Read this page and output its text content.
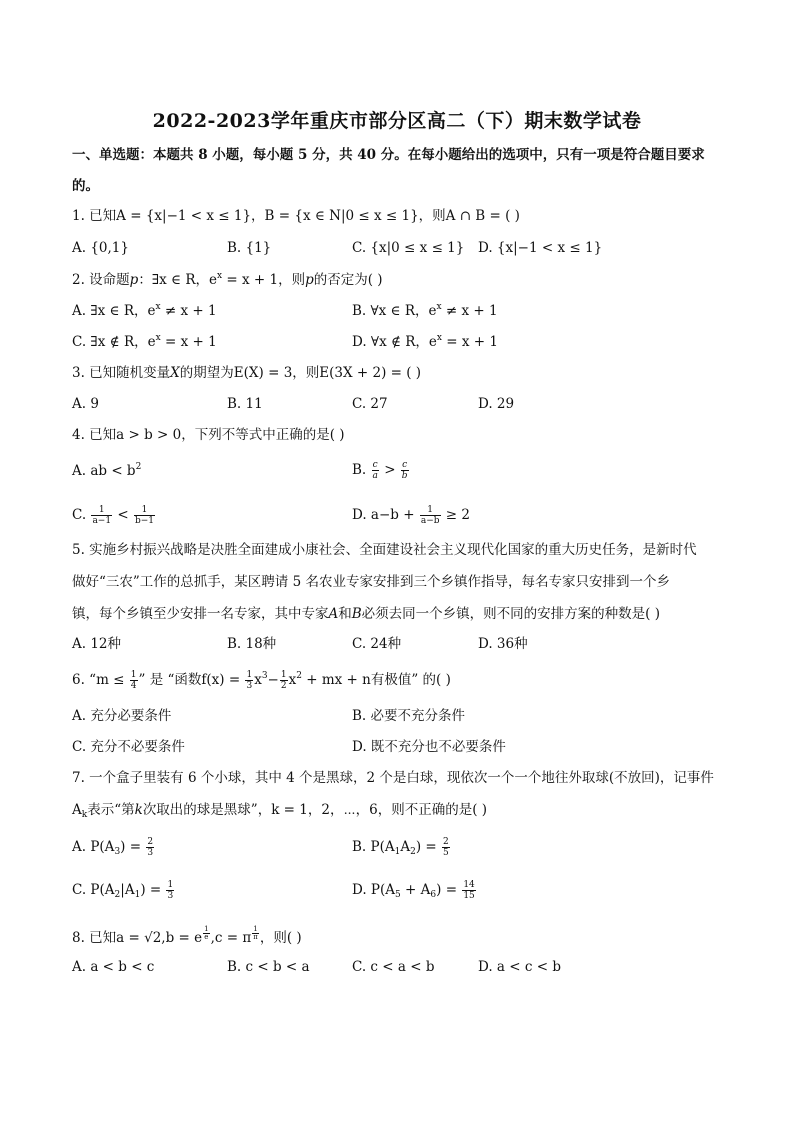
2022-2023学年重庆市部分区高二（下）期末数学试卷
一、单选题：本题共 8 小题，每小题 5 分，共 40 分。在每小题给出的选项中，只有一项是符合题目要求
的。
1. 已知A = {x|−1 < x ≤ 1}，B = {x ∈ N|0 ≤ x ≤ 1}，则A ∩ B = ( )
A. {0,1}	B. {1}	C. {x|0 ≤ x ≤ 1} D. {x|−1 < x ≤ 1}
2. 设命题p：∃x ∈ R，$e^x = x + 1$，则p的否定为( )
A. ∃x ∈ R，$e^x \ne x + 1$	B. ∀x ∈ R，$e^x \ne x + 1$
C. ∃x ∉ R，$e^x = x + 1$	D. ∀x ∉ R，$e^x = x + 1$
3. 已知随机变量X的期望为E(X) = 3，则E(3X + 2) = ( )
A. 9	B. 11	C. 27	D. 29
4. 已知a > b > 0，下列不等式中正确的是( )
A. ab < $b^2$	B. $\frac{c}{a} > \frac{c}{b}$
C. $\frac{1}{a-1} < \frac{1}{b-1}$	D. $a-b + \frac{1}{a-b} \ge 2$
5. 实施乡村振兴战略是决胜全面建成小康社会、全面建设社会主义现代化国家的重大历史任务，是新时代
做好“三农”工作的总抓手，某区聘请 5 名农业专家安排到三个乡镇作指导，每名专家只安排到一个乡
镇，每个乡镇至少安排一名专家，其中专家A和B必须去同一个乡镇，则不同的安排方案的种数是( )
A. 12种	B. 18种	C. 24种	D. 36种
6. “$m \le \frac{1}{4}$ ” 是 “函数$f(x) = \frac{1}{3} x^3- \frac{1}{2} x^2$ + mx + n有极值” 的( )
A. 充分必要条件	B. 必要不充分条件
C. 充分不必要条件	D. 既不充分也不必要条件
7. 一个盒子里装有 6 个小球，其中 4 个是黑球，2 个是白球，现依次一个一个地往外取球(不放回)，记事件
$A_k$表示“第k次取出的球是黑球”，k = 1，2，⋯，6，则不正确的是( )
A. $P(A_3) = \frac{2}{3}$	B. $P(A_1A_2) = \frac{2}{5}$
C. $P(A_2|A_1) = \frac{1}{3}$	D. $P(A_5 + A_6) = \frac{14}{15}$
8. 已知a = √2,b = e $^{\frac{1}{e}}$ ,c = π $^{\frac{1}{\pi}}$ ，则( )
A. a < b < c	B. c < b < a	C. c < a < b	D. a < c < b
